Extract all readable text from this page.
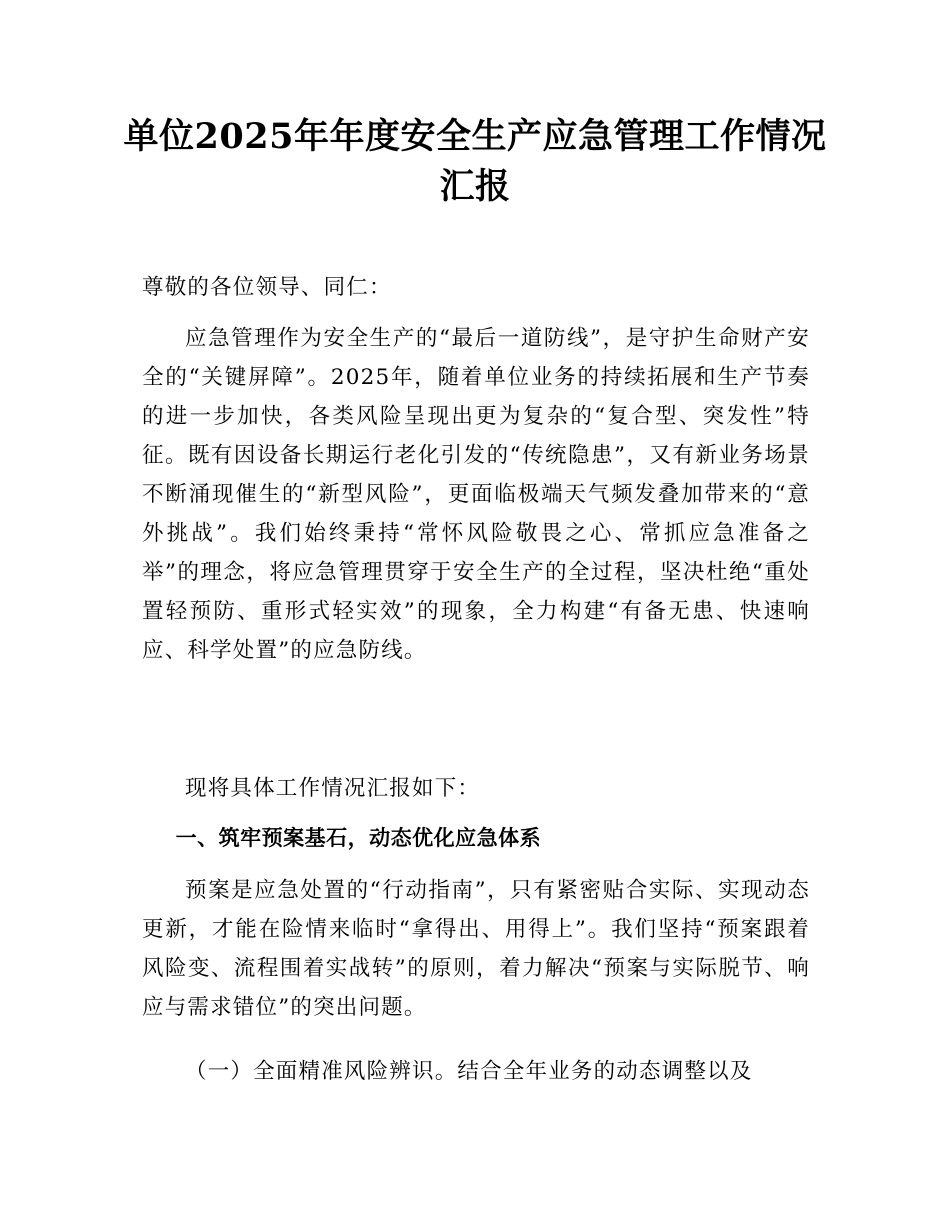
单位2025年年度安全生产应急管理工作情况
汇报

尊敬的各位领导、同仁：

应急管理作为安全生产的“最后一道防线”，是守护生命财产安全的“关键屏障”。2025年，随着单位业务的持续拓展和生产节奏的进一步加快，各类风险呈现出更为复杂的“复合型、突发性”特征。既有因设备长期运行老化引发的“传统隐患”，又有新业务场景不断涌现催生的“新型风险”，更面临极端天气频发叠加带来的“意外挑战”。我们始终秉持“常怀风险敬畏之心、常抓应急准备之举”的理念，将应急管理贯穿于安全生产的全过程，坚决杜绝“重处置轻预防、重形式轻实效”的现象，全力构建“有备无患、快速响应、科学处置”的应急防线。

现将具体工作情况汇报如下：

一、筑牢预案基石，动态优化应急体系

预案是应急处置的“行动指南”，只有紧密贴合实际、实现动态更新，才能在险情来临时“拿得出、用得上”。我们坚持“预案跟着风险变、流程围着实战转”的原则，着力解决“预案与实际脱节、响应与需求错位”的突出问题。

（一）全面精准风险辨识。结合全年业务的动态调整以及
